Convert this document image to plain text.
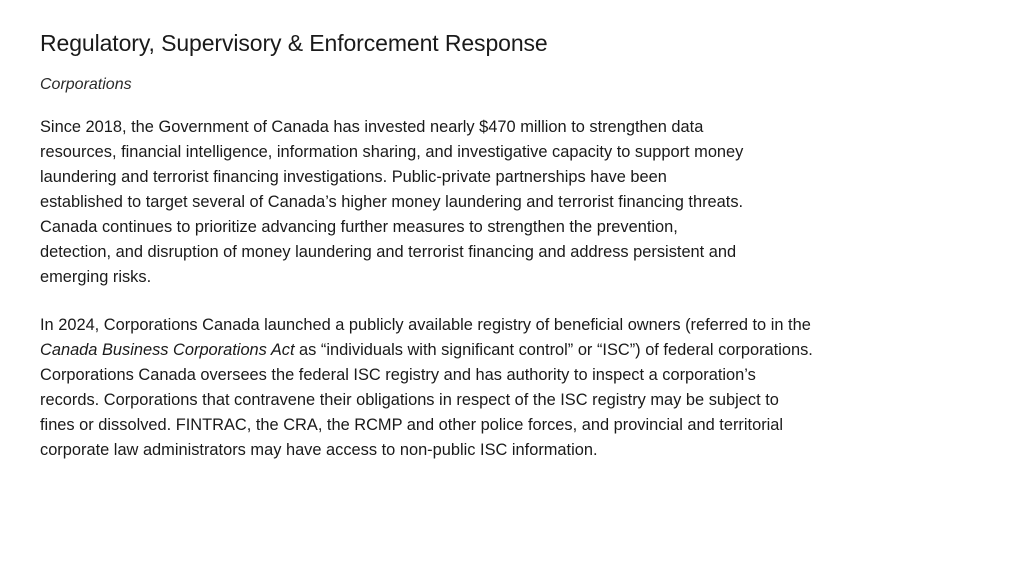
Regulatory, Supervisory & Enforcement Response

Corporations

Since 2018, the Government of Canada has invested nearly $470 million to strengthen data
resources, financial intelligence, information sharing, and investigative capacity to support money
laundering and terrorist financing investigations. Public-private partnerships have been
established to target several of Canada’s higher money laundering and terrorist financing threats.
Canada continues to prioritize advancing further measures to strengthen the prevention,
detection, and disruption of money laundering and terrorist financing and address persistent and
emerging risks.

In 2024, Corporations Canada launched a publicly available registry of beneficial owners (referred to in the
Canada Business Corporations Act as “individuals with significant control” or “ISC”) of federal corporations.
Corporations Canada oversees the federal ISC registry and has authority to inspect a corporation’s
records. Corporations that contravene their obligations in respect of the ISC registry may be subject to
fines or dissolved. FINTRAC, the CRA, the RCMP and other police forces, and provincial and territorial
corporate law administrators may have access to non-public ISC information.
